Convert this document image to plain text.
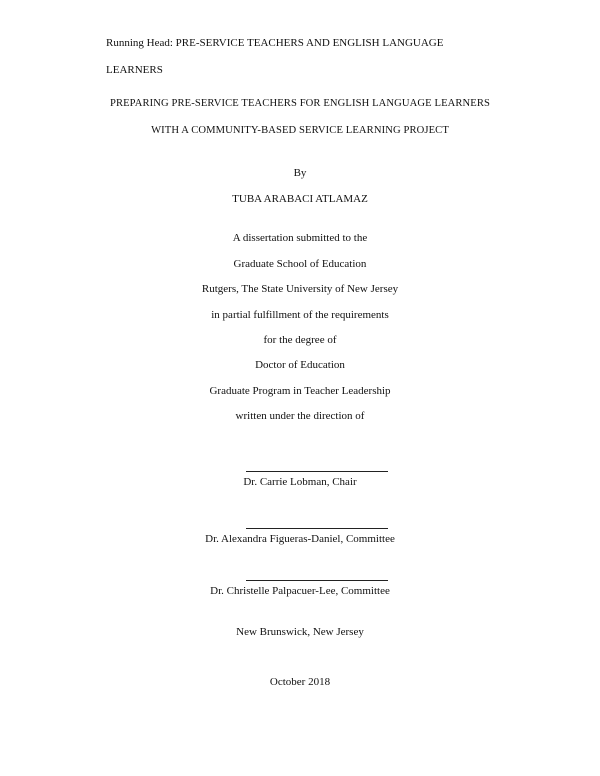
Running Head: PRE-SERVICE TEACHERS AND ENGLISH LANGUAGE
LEARNERS
PREPARING PRE-SERVICE TEACHERS FOR ENGLISH LANGUAGE LEARNERS
WITH A COMMUNITY-BASED SERVICE LEARNING PROJECT
By
TUBA ARABACI ATLAMAZ
A dissertation submitted to the
Graduate School of Education
Rutgers, The State University of New Jersey
in partial fulfillment of the requirements
for the degree of
Doctor of Education
Graduate Program in Teacher Leadership
written under the direction of
Dr. Carrie Lobman, Chair
Dr. Alexandra Figueras-Daniel, Committee
Dr. Christelle Palpacuer-Lee, Committee
New Brunswick, New Jersey
October 2018
